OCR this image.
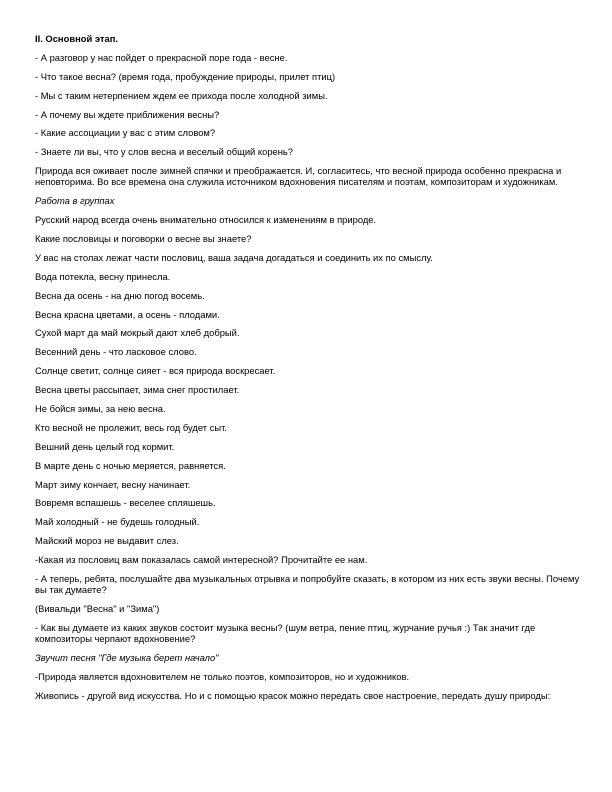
II. Основной этап.

- А разговор у нас пойдет о прекрасной поре года - весне.

- Что такое весна? (время года, пробуждение природы, прилет птиц)

- Мы с таким нетерпением ждем ее прихода после холодной зимы.

- А почему вы ждете приближения весны?

- Какие ассоциации у вас с этим словом?

- Знаете ли вы, что у слов весна и веселый общий корень?

Природа вся оживает после зимней спячки и преображается. И, согласитесь, что весной природа особенно прекрасна и неповторима. Во все времена она служила источником вдохновения писателям и поэтам, композиторам и художникам.

Работа в группах

Русский народ всегда очень внимательно относился к изменениям в природе.

Какие пословицы и поговорки о весне вы знаете?

У вас на столах лежат части пословиц, ваша задача догадаться и соединить их по смыслу.

Вода потекла, весну принесла.

Весна да осень - на дню погод восемь.

Весна красна цветами, а осень - плодами.

Сухой март да май мокрый дают хлеб добрый.

Весенний день - что ласковое слово.

Солнце светит, солнце сияет - вся природа воскресает.

Весна цветы рассыпает, зима снег простилает.

Не бойся зимы, за нею весна.

Кто весной не пролежит, весь год будет сыт.

Вешний день целый год кормит.

В марте день с ночью меряется, равняется.

Март зиму кончает, весну начинает.

Вовремя вспашешь - веселее спляшешь.

Май холодный - не будешь голодный.

Майский мороз не выдавит слез.

-Какая из пословиц вам показалась самой интересной? Прочитайте ее нам.

- А теперь, ребята, послушайте два музыкальных отрывка и попробуйте сказать, в котором из них есть звуки весны. Почему вы так думаете?

(Вивальди "Весна" и "Зима")

- Как вы думаете из каких звуков состоит музыка весны? (шум ветра, пение птиц, журчание ручья :) Так значит где композиторы черпают вдохновение?

Звучит песня "Где музыка берет начало"

-Природа является вдохновителем не только поэтов, композиторов, но и художников.

Живопись - другой вид искусства. Но и с помощью красок можно передать свое настроение, передать душу природы:
